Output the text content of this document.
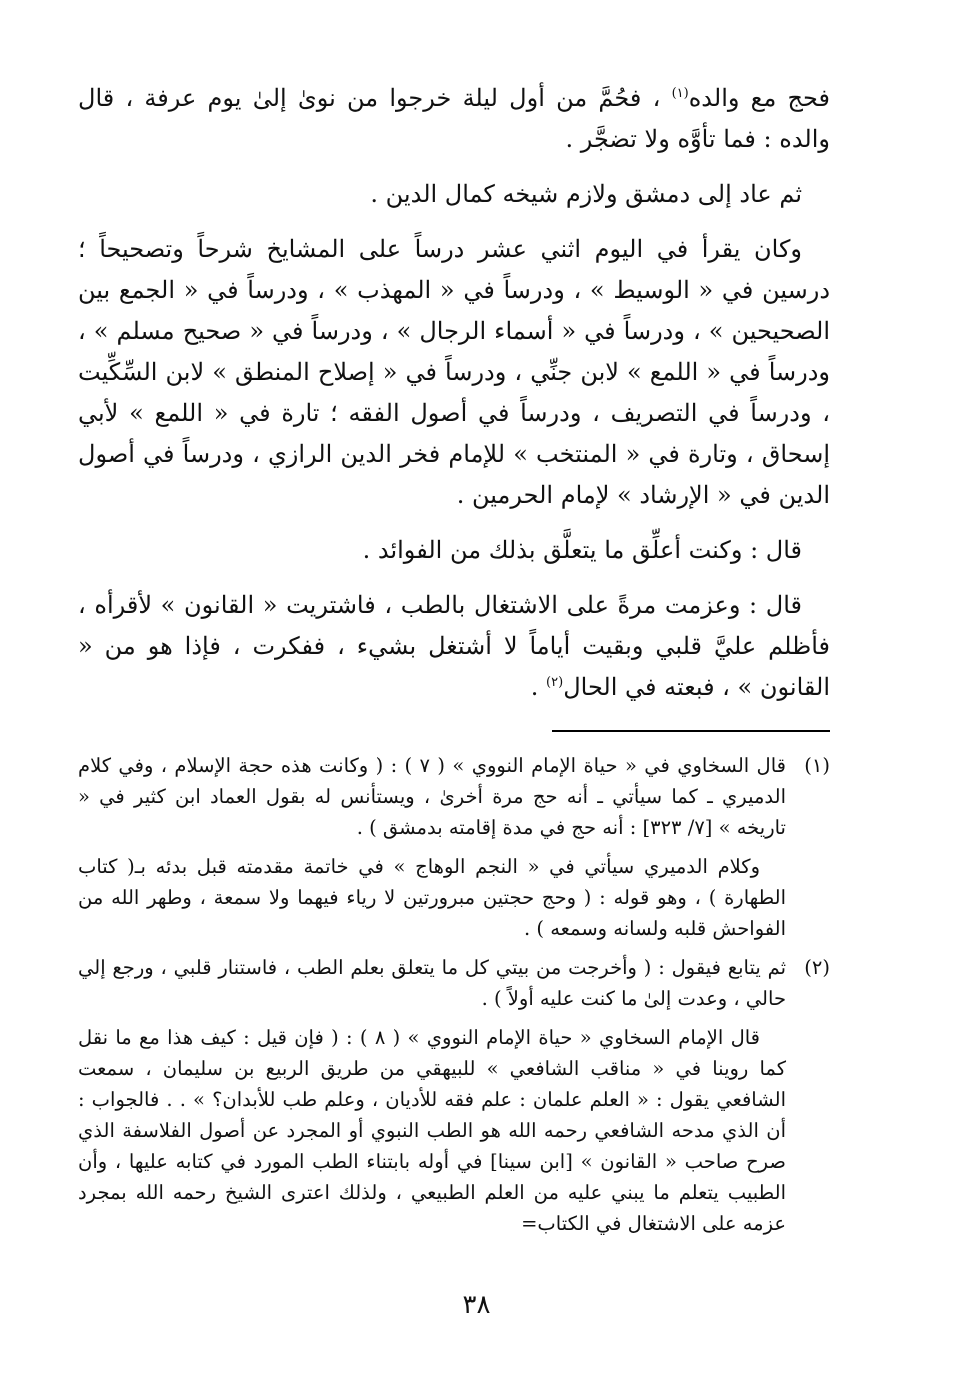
فحج مع والده$^{(١)}$ ، فحُمَّ من أول ليلة خرجوا من نوىٰ إلىٰ يوم عرفة ، قال والده : فما تأوَّه ولا تضجَّر .

ثم عاد إلى دمشق ولازم شيخه كمال الدين .

وكان يقرأ في اليوم اثني عشر درساً على المشايخ شرحاً وتصحيحاً ؛ درسين في « الوسيط » ، ودرساً في « المهذب » ، ودرساً في « الجمع بين الصحيحين » ، ودرساً في « أسماء الرجال » ، ودرساً في « صحيح مسلم » ، ودرساً في « اللمع » لابن جنِّي ، ودرساً في « إصلاح المنطق » لابن السِّكِّيت ، ودرساً في التصريف ، ودرساً في أصول الفقه ؛ تارة في « اللمع » لأبي إسحاق ، وتارة في « المنتخب » للإمام فخر الدين الرازي ، ودرساً في أصول الدين في « الإرشاد » لإمام الحرمين .

قال : وكنت أعلِّق ما يتعلَّق بذلك من الفوائد .

قال : وعزمت مرةً على الاشتغال بالطب ، فاشتريت « القانون » لأقرأه ، فأظلم عليَّ قلبي وبقيت أياماً لا أشتغل بشيء ، ففكرت ، فإذا هو من « القانون » ، فبعته في الحال$^{(٢)}$ .

(١)

قال السخاوي في « حياة الإمام النووي » ( ٧ ) : ( وكانت هذه حجة الإسلام ، وفي كلام الدميري ـ كما سيأتي ـ أنه حج مرة أخرىٰ ، ويستأنس له بقول العماد ابن كثير في « تاريخه » [٧/ ٣٢٣] : أنه حج في مدة إقامته بدمشق ) .

وكلام الدميري سيأتي في « النجم الوهاج » في خاتمة مقدمته قبل بدئه بـ( كتاب الطهارة ) ، وهو قوله : ( وحج حجتين مبرورتين لا رياء فيهما ولا سمعة ، وطهر الله من الفواحش قلبه ولسانه وسمعه ) .

(٢)

ثم يتابع فيقول : ( وأخرجت من بيتي كل ما يتعلق بعلم الطب ، فاستنار قلبي ، ورجع إلي حالي ، وعدت إلىٰ ما كنت عليه أولاً ) .

قال الإمام السخاوي « حياة الإمام النووي » ( ٨ ) : ( فإن قيل : كيف هذا مع ما نقل كما روينا في « مناقب الشافعي » للبيهقي من طريق الربيع بن سليمان ، سمعت الشافعي يقول : « العلم علمان : علم فقه للأديان ، وعلم طب للأبدان؟ » . . فالجواب : أن الذي مدحه الشافعي رحمه الله هو الطب النبوي أو المجرد عن أصول الفلاسفة الذي صرح صاحب « القانون » [ابن سينا] في أوله بابتناء الطب المورد في كتابه عليها ، وأن الطبيب يتعلم ما يبني عليه من العلم الطبيعي ، ولذلك اعترى الشيخ رحمه الله بمجرد عزمه على الاشتغال في الكتاب=

٣٨
